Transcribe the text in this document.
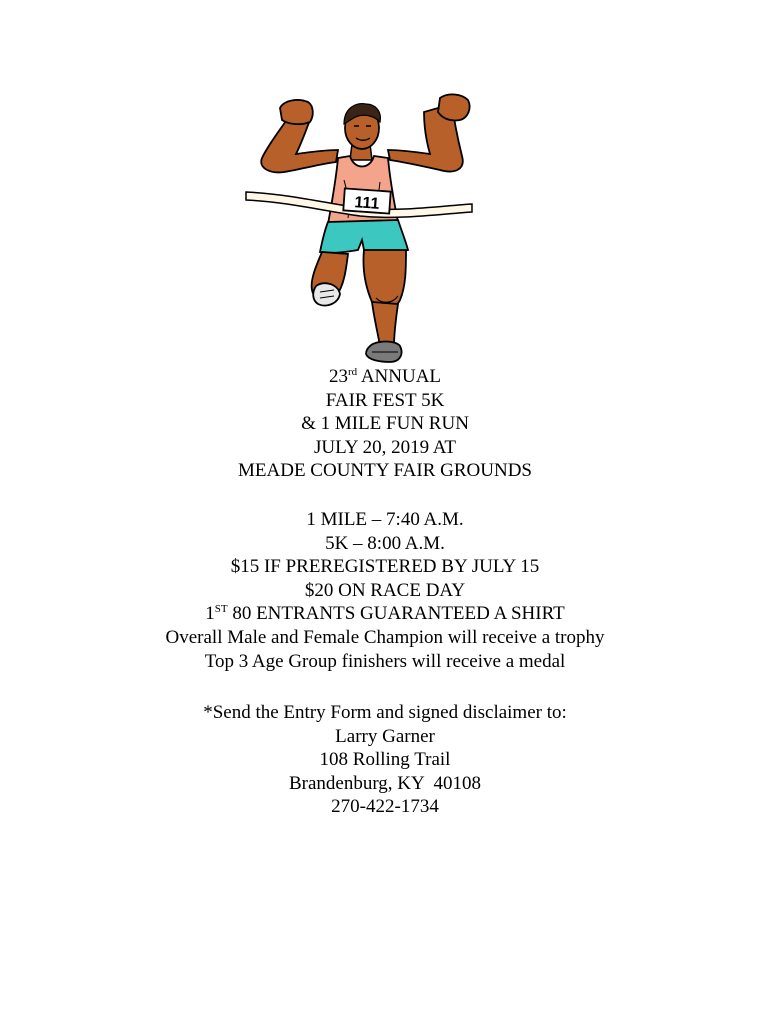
111
23rd ANNUAL
FAIR FEST 5K
& 1 MILE FUN RUN
JULY 20, 2019 AT
MEADE COUNTY FAIR GROUNDS
1 MILE – 7:40 A.M.
5K – 8:00 A.M.
$15 IF PREREGISTERED BY JULY 15
$20 ON RACE DAY
1ST 80 ENTRANTS GUARANTEED A SHIRT
Overall Male and Female Champion will receive a trophy
Top 3 Age Group finishers will receive a medal
*Send the Entry Form and signed disclaimer to:
Larry Garner
108 Rolling Trail
Brandenburg, KY  40108
270-422-1734
